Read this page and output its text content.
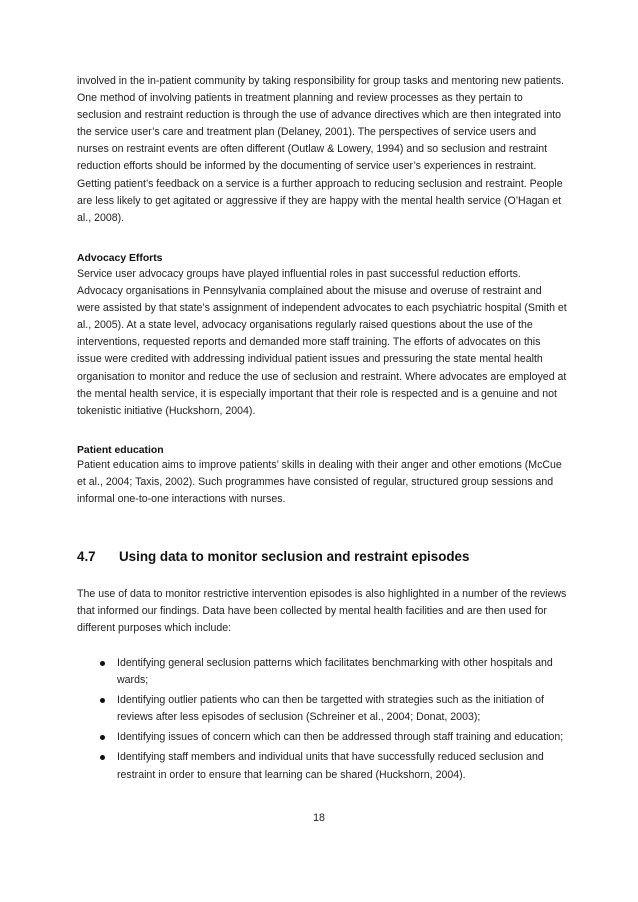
involved in the in-patient community by taking responsibility for group tasks and mentoring new patients. One method of involving patients in treatment planning and review processes as they pertain to seclusion and restraint reduction is through the use of advance directives which are then integrated into the service user’s care and treatment plan (Delaney, 2001). The perspectives of service users and nurses on restraint events are often different (Outlaw & Lowery, 1994) and so seclusion and restraint reduction efforts should be informed by the documenting of service user’s experiences in restraint. Getting patient’s feedback on a service is a further approach to reducing seclusion and restraint. People are less likely to get agitated or aggressive if they are happy with the mental health service (O’Hagan et al., 2008).

Advocacy Efforts

Service user advocacy groups have played influential roles in past successful reduction efforts. Advocacy organisations in Pennsylvania complained about the misuse and overuse of restraint and were assisted by that state’s assignment of independent advocates to each psychiatric hospital (Smith et al., 2005). At a state level, advocacy organisations regularly raised questions about the use of the interventions, requested reports and demanded more staff training. The efforts of advocates on this issue were credited with addressing individual patient issues and pressuring the state mental health organisation to monitor and reduce the use of seclusion and restraint. Where advocates are employed at the mental health service, it is especially important that their role is respected and is a genuine and not tokenistic initiative (Huckshorn, 2004).

Patient education

Patient education aims to improve patients’ skills in dealing with their anger and other emotions (McCue et al., 2004; Taxis, 2002). Such programmes have consisted of regular, structured group sessions and informal one-to-one interactions with nurses.

4.7 Using data to monitor seclusion and restraint episodes

The use of data to monitor restrictive intervention episodes is also highlighted in a number of the reviews that informed our findings. Data have been collected by mental health facilities and are then used for different purposes which include:

Identifying general seclusion patterns which facilitates benchmarking with other hospitals and wards;
Identifying outlier patients who can then be targetted with strategies such as the initiation of reviews after less episodes of seclusion (Schreiner et al., 2004; Donat, 2003);
Identifying issues of concern which can then be addressed through staff training and education;
Identifying staff members and individual units that have successfully reduced seclusion and restraint in order to ensure that learning can be shared (Huckshorn, 2004).
18
